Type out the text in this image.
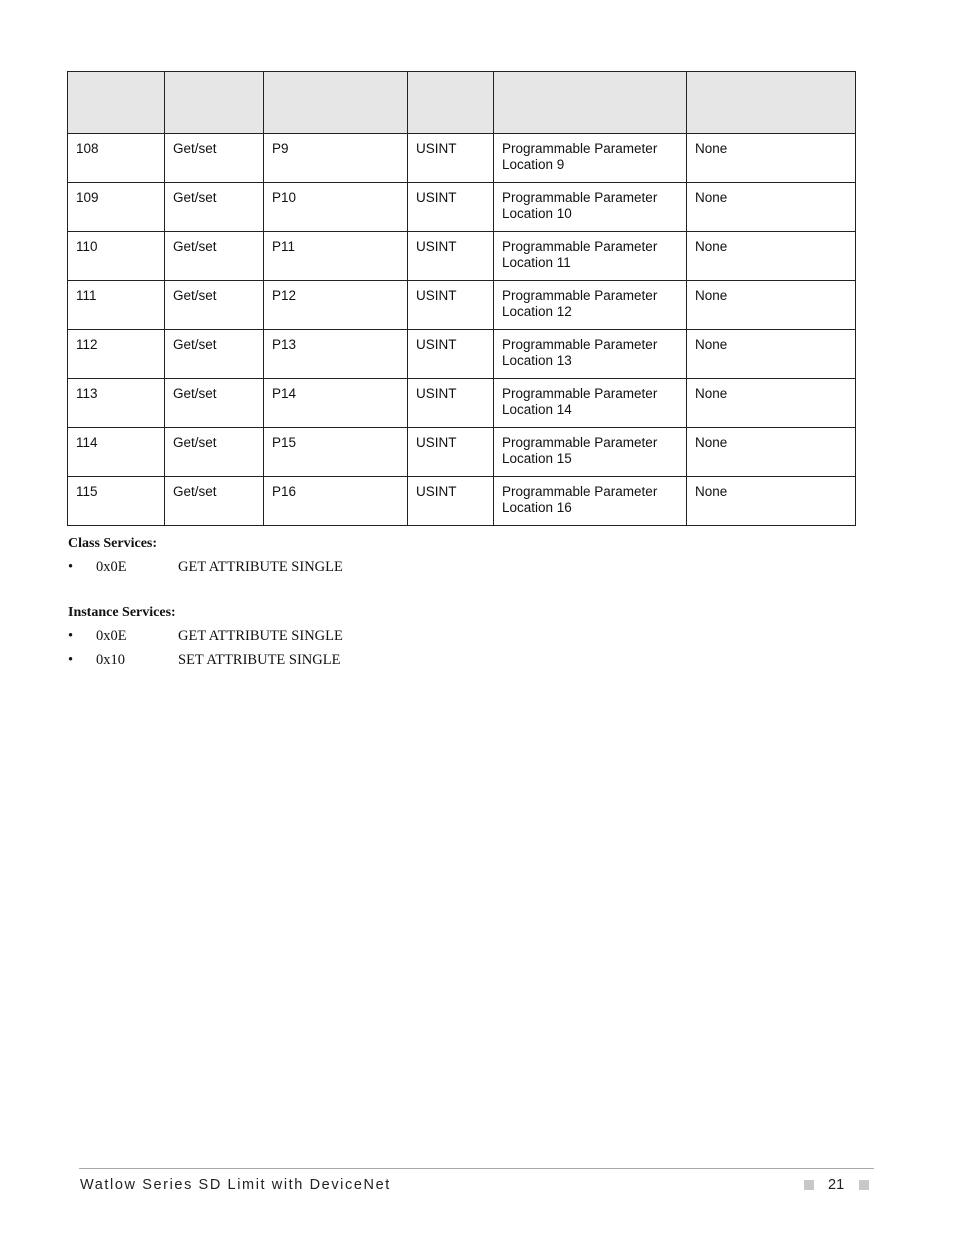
108	Get/set	P9	USINT	Programmable Parameter
Location 9	None
109	Get/set	P10	USINT	Programmable Parameter
Location 10	None
110	Get/set	P11	USINT	Programmable Parameter
Location 11	None
111	Get/set	P12	USINT	Programmable Parameter
Location 12	None
112	Get/set	P13	USINT	Programmable Parameter
Location 13	None
113	Get/set	P14	USINT	Programmable Parameter
Location 14	None
114	Get/set	P15	USINT	Programmable Parameter
Location 15	None
115	Get/set	P16	USINT	Programmable Parameter
Location 16	None
Class Services:
• 0x0E	GET ATTRIBUTE SINGLE
Instance Services:
• 0x0E	GET ATTRIBUTE SINGLE
• 0x10	SET ATTRIBUTE SINGLE
Watlow Series SD Limit with DeviceNet	21
